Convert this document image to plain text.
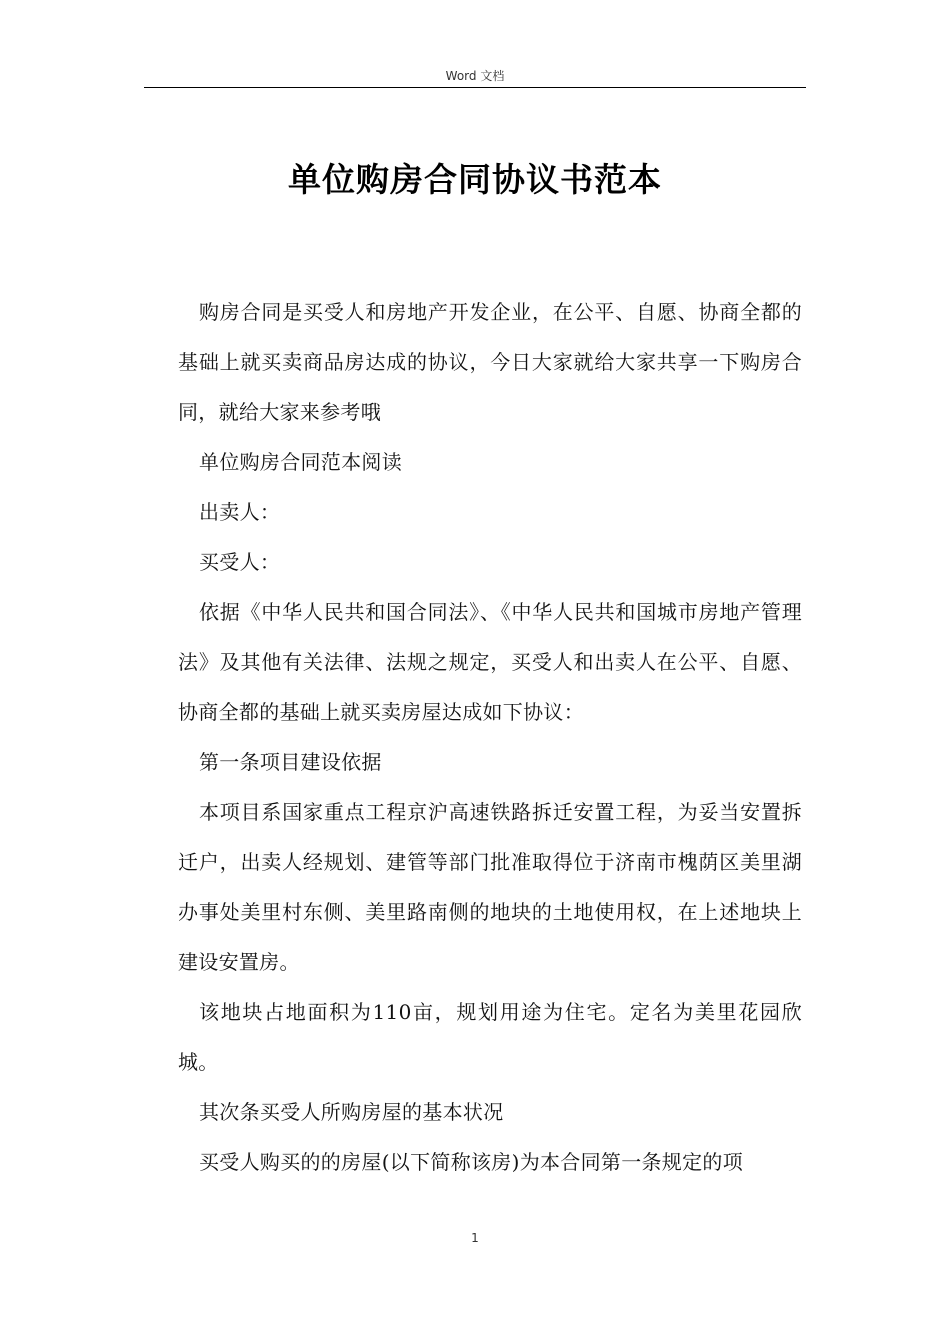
Word 文档
单位购房合同协议书范本

购房合同是买受人和房地产开发企业，在公平、自愿、协商全都的基础上就买卖商品房达成的协议，今日大家就给大家共享一下购房合同，就给大家来参考哦

单位购房合同范本阅读

出卖人：

买受人：

依据《中华人民共和国合同法》、《中华人民共和国城市房地产管理法》及其他有关法律、法规之规定，买受人和出卖人在公平、自愿、协商全都的基础上就买卖房屋达成如下协议：

第一条项目建设依据

本项目系国家重点工程京沪高速铁路拆迁安置工程，为妥当安置拆迁户，出卖人经规划、建管等部门批准取得位于济南市槐荫区美里湖办事处美里村东侧、美里路南侧的地块的土地使用权，在上述地块上建设安置房。

该地块占地面积为110亩，规划用途为住宅。定名为美里花园欣城。

其次条买受人所购房屋的基本状况

买受人购买的的房屋(以下简称该房)为本合同第一条规定的项

1
